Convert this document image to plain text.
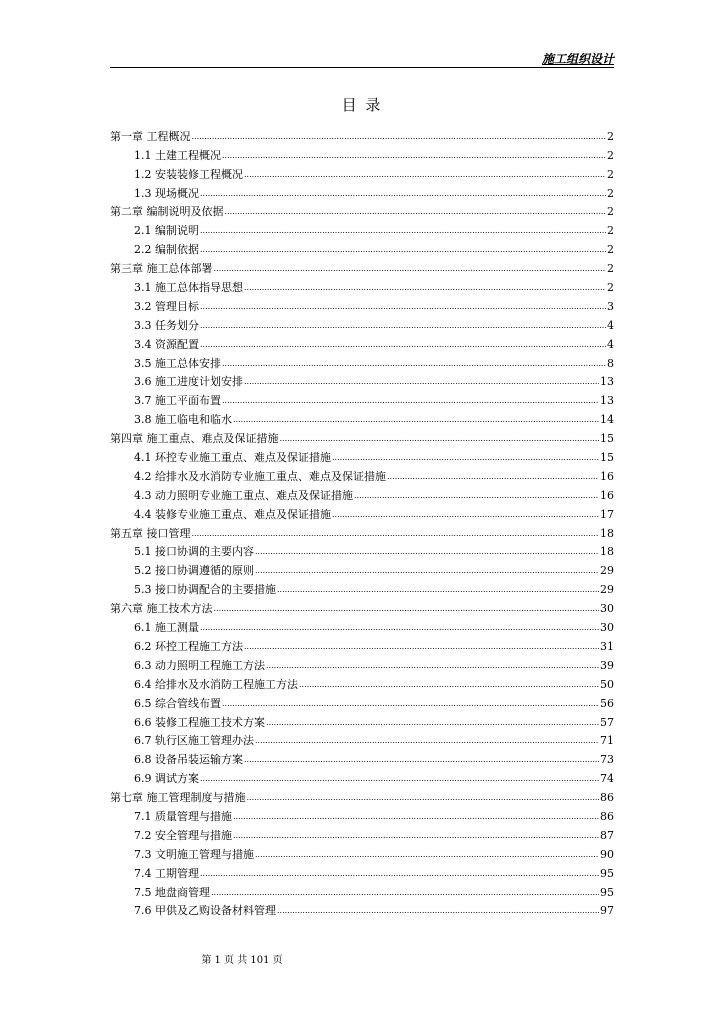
施工组织设计
目 录
第一章 工程概况 .....	2
1.1 土建工程概况 .....	2
1.2 安装装修工程概况 .....	2
1.3 现场概况 .....	2
第二章 编制说明及依据 .....	2
2.1 编制说明 .....	2
2.2 编制依据 .....	2
第三章 施工总体部署 .....	2
3.1 施工总体指导思想 .....	2
3.2 管理目标 .....	3
3.3 任务划分 .....	4
3.4 资源配置 .....	4
3.5 施工总体安排 .....	8
3.6 施工进度计划安排 .....	13
3.7 施工平面布置 .....	13
3.8 施工临电和临水 .....	14
第四章 施工重点、难点及保证措施 .....	15
4.1 环控专业施工重点、难点及保证措施 .....	15
4.2 给排水及水消防专业施工重点、难点及保证措施 .....	16
4.3 动力照明专业施工重点、难点及保证措施 .....	16
4.4 装修专业施工重点、难点及保证措施 .....	17
第五章 接口管理 .....	18
5.1 接口协调的主要内容 .....	18
5.2 接口协调遵循的原则 .....	29
5.3 接口协调配合的主要措施 .....	29
第六章 施工技术方法 .....	30
6.1 施工测量 .....	30
6.2 环控工程施工方法 .....	31
6.3 动力照明工程施工方法 .....	39
6.4 给排水及水消防工程施工方法 .....	50
6.5 综合管线布置 .....	56
6.6 装修工程施工技术方案 .....	57
6.7 轨行区施工管理办法 .....	71
6.8 设备吊装运输方案 .....	73
6.9 调试方案 .....	74
第七章 施工管理制度与措施 .....	86
7.1 质量管理与措施 .....	86
7.2 安全管理与措施 .....	87
7.3 文明施工管理与措施 .....	90
7.4 工期管理 .....	95
7.5 地盘商管理 .....	95
7.6 甲供及乙购设备材料管理 .....	97
第 1 页 共 101 页
